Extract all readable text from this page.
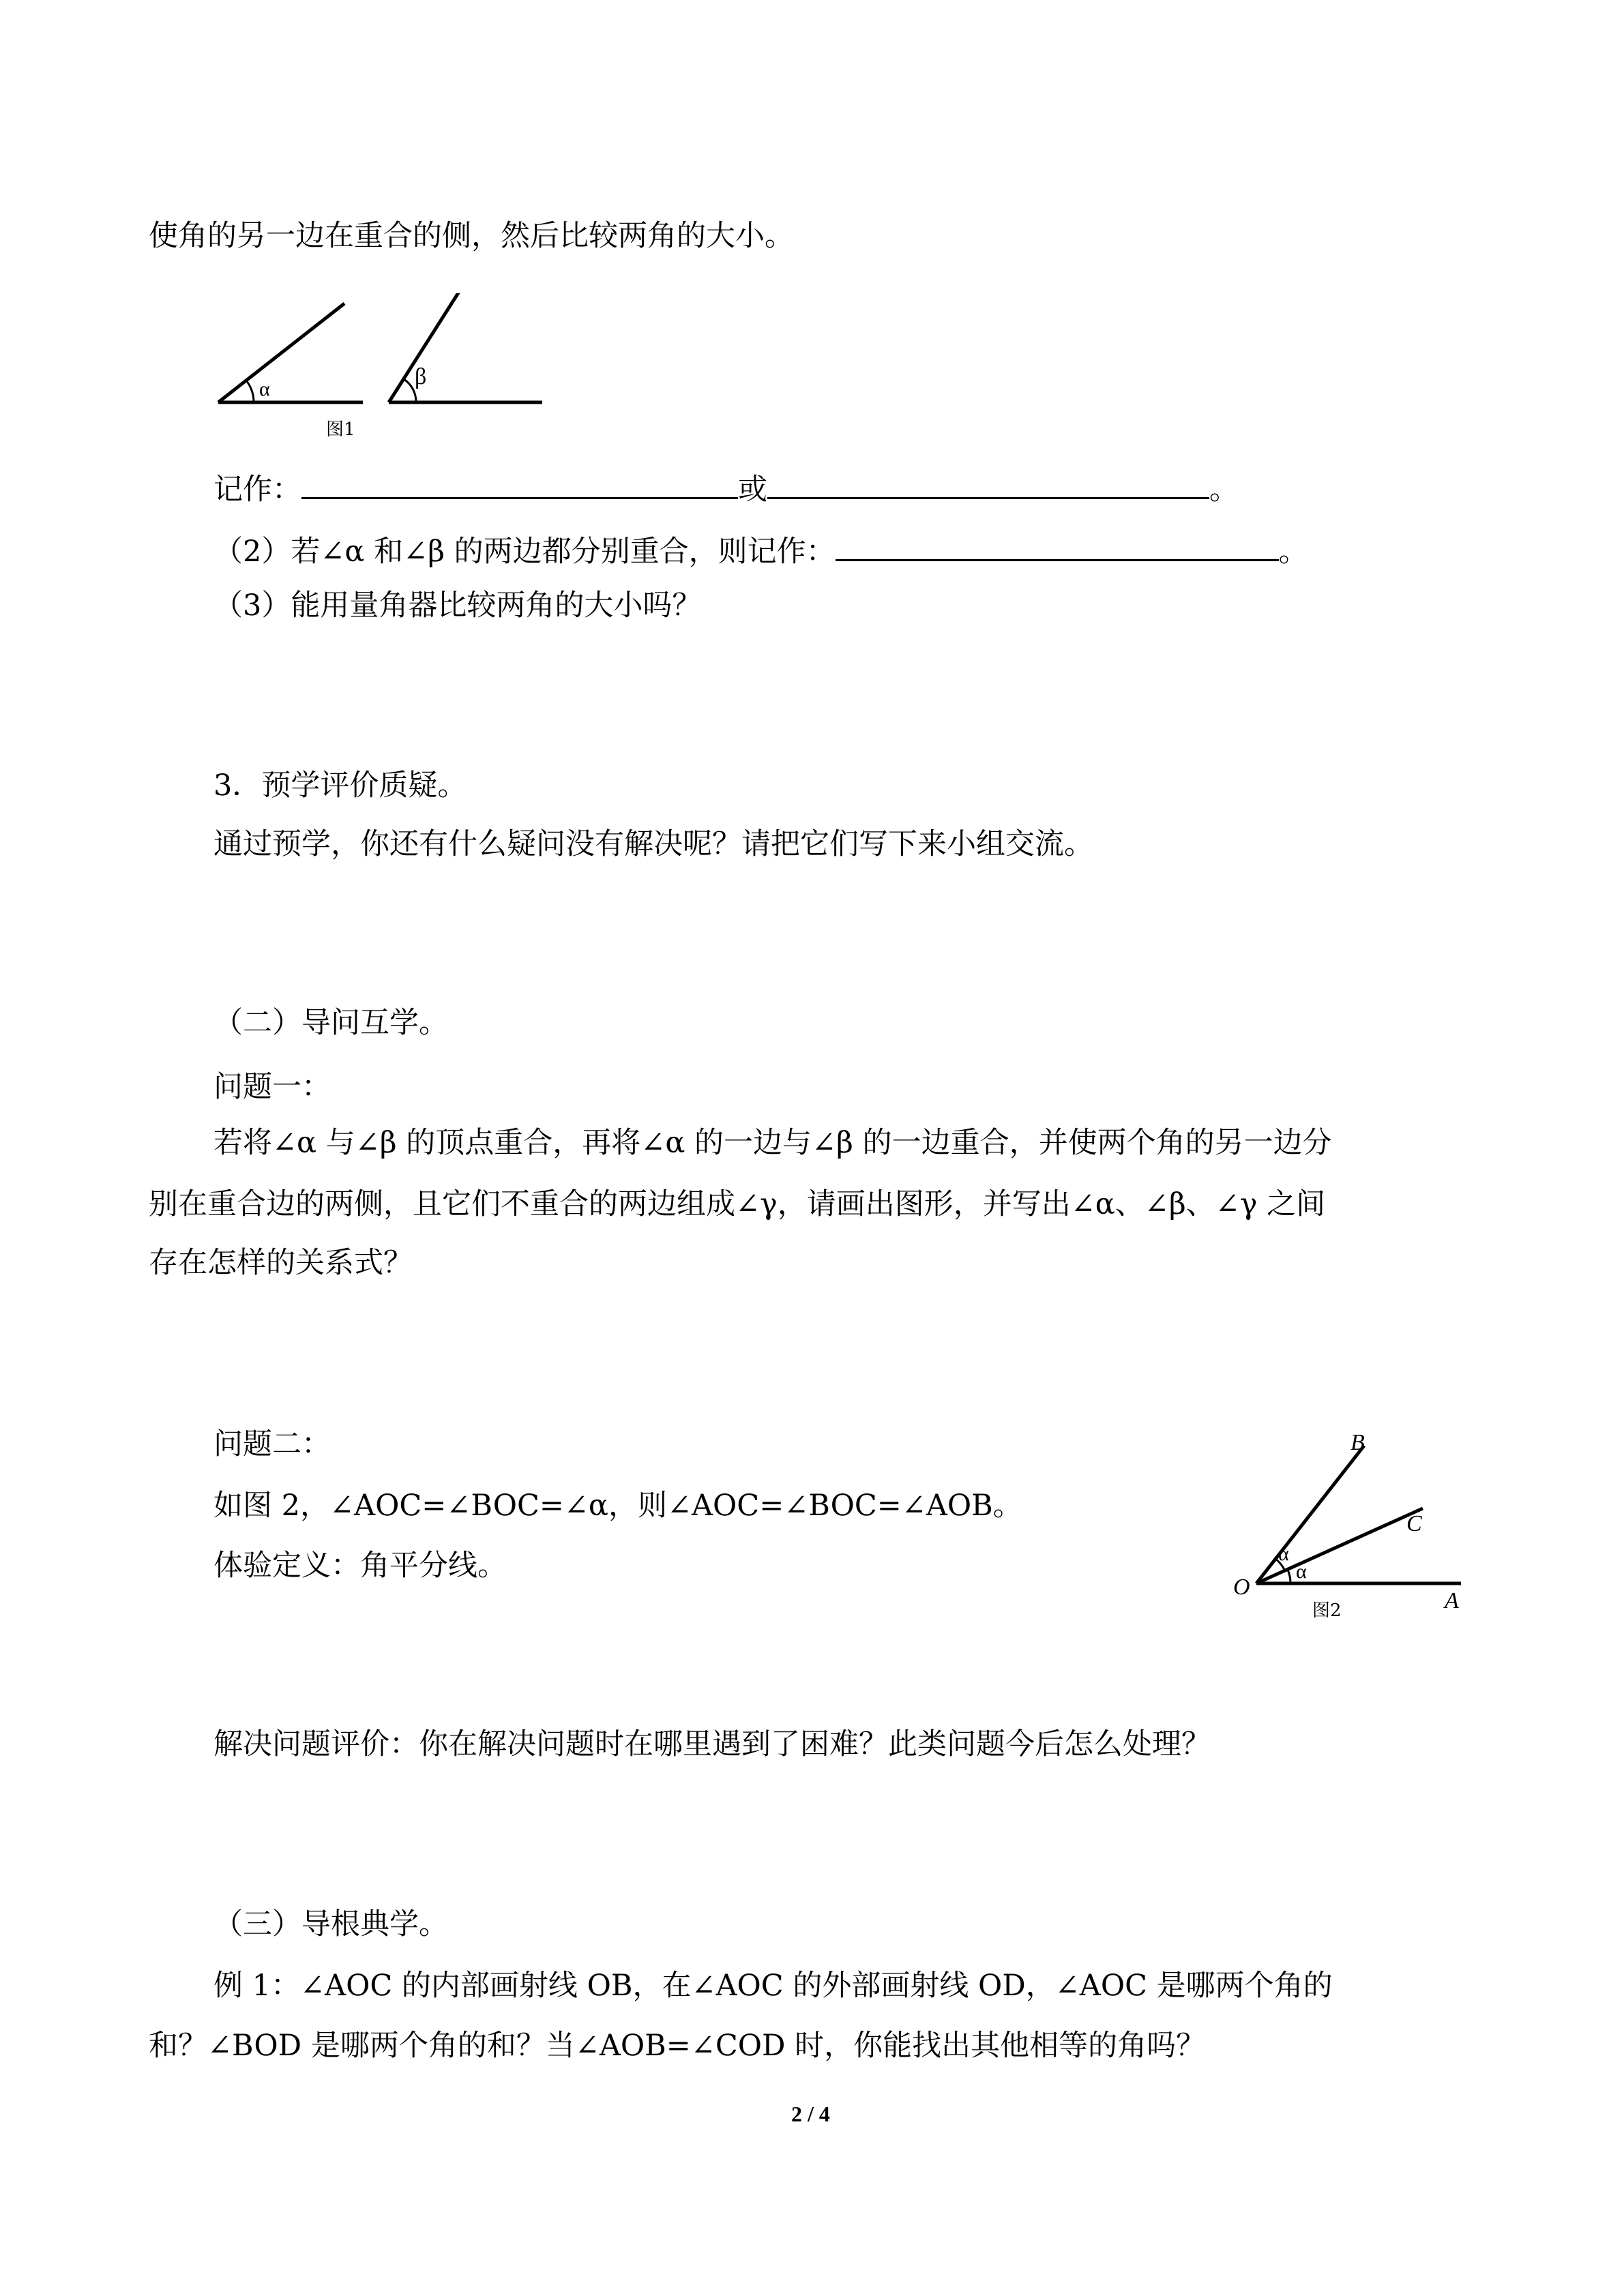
使角的另一边在重合的侧，然后比较两角的大小。
α	β
图1
记作：	或	。
（2）若∠α 和∠β 的两边都分别重合，则记作：	。
（3）能用量角器比较两角的大小吗？
3．预学评价质疑。
通过预学，你还有什么疑问没有解决呢？请把它们写下来小组交流。
（二）导问互学。
问题一：
若将∠α 与∠β 的顶点重合，再将∠α 的一边与∠β 的一边重合，并使两个角的另一边分
别在重合边的两侧，且它们不重合的两边组成∠γ，请画出图形，并写出∠α、∠β、∠γ 之间
存在怎样的关系式？
问题二：
如图 2，∠AOC=∠BOC=∠α，则∠AOC=∠BOC=∠AOB。
体验定义：角平分线。
B
C
O
A
α
α
图2
解决问题评价：你在解决问题时在哪里遇到了困难？此类问题今后怎么处理？
（三）导根典学。
例 1：∠AOC 的内部画射线 OB，在∠AOC 的外部画射线 OD，∠AOC 是哪两个角的
和？∠BOD 是哪两个角的和？当∠AOB=∠COD 时，你能找出其他相等的角吗？
2 / 4
